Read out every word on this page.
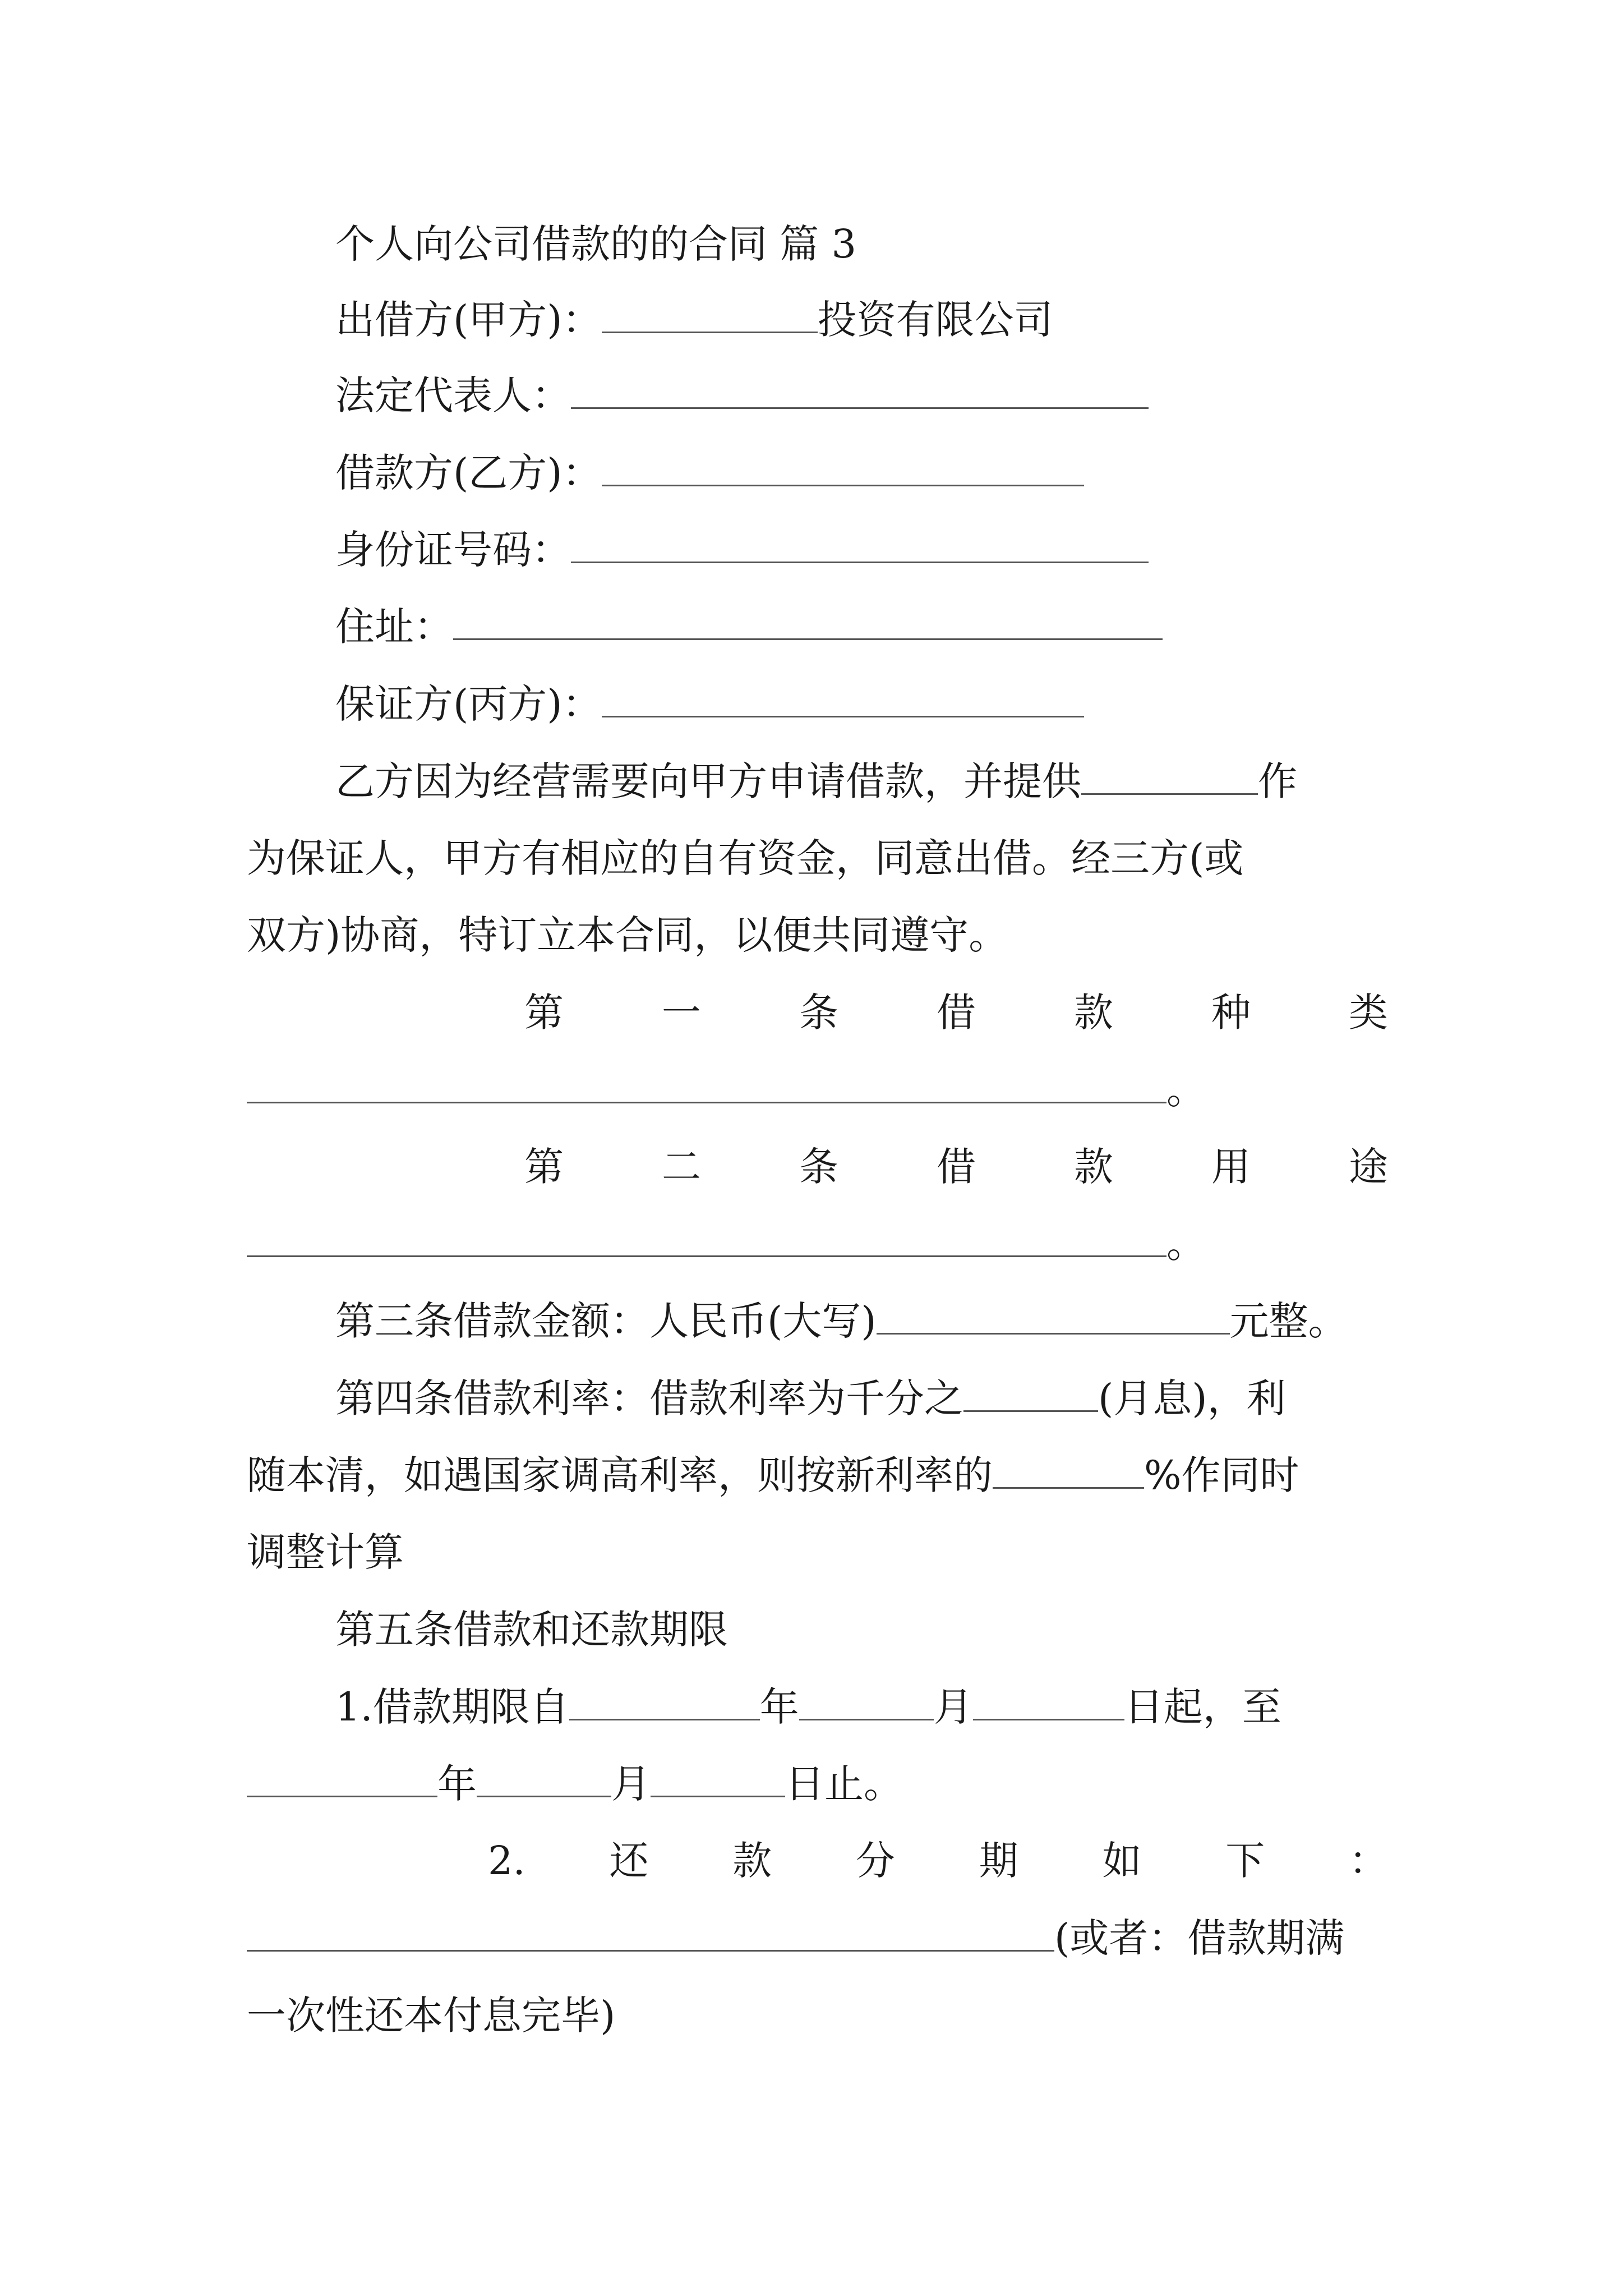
个人向公司借款的的合同 篇 3
出借方(甲方)：	投资有限公司
法定代表人：
借款方(乙方)：
身份证号码：
住址：
保证方(丙方)：
乙方因为经营需要向甲方申请借款，并提供	作
为保证人，甲方有相应的自有资金，同意出借。经三方(或
双方)协商，特订立本合同，以便共同遵守。
第	一	条	借	款	种	类
。
第	二	条	借	款	用	途
。
第三条借款金额：人民币(大写)	元整。
第四条借款利率：借款利率为千分之	(月息)，利
随本清，如遇国家调高利率，则按新利率的	%作同时
调整计算
第五条借款和还款期限
1.借款期限自	年	月	日起，至
年	月	日止。
2. 还 款 分 期 如 下 ：
(或者：借款期满
一次性还本付息完毕)
